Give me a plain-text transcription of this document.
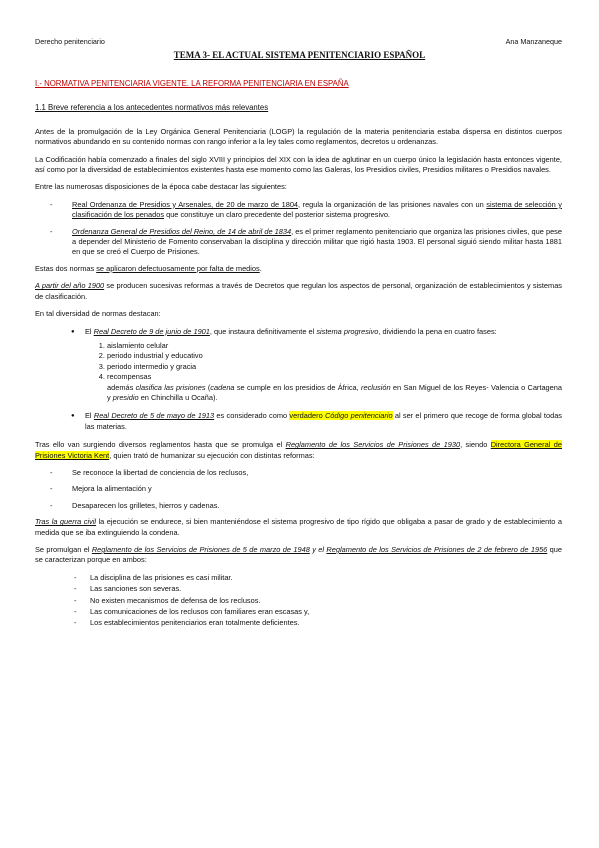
Derecho penitenciario	Ana Manzaneque
TEMA 3- EL ACTUAL SISTEMA PENITENCIARIO ESPAÑOL

I.- NORMATIVA PENITENCIARIA VIGENTE. LA REFORMA PENITENCIARIA EN ESPAÑA

1.1 Breve referencia a los antecedentes normativos más relevantes

Antes de la promulgación de la Ley Orgánica General Penitenciaria (LOGP) la regulación de la materia penitenciaria estaba dispersa en distintos cuerpos normativos abundando en su contenido normas con rango inferior a la ley tales como reglamentos, decretos u ordenanzas.

La Codificación había comenzado a finales del siglo XVIII y principios del XIX con la idea de aglutinar en un cuerpo único la legislación hasta entonces vigente, así como por la diversidad de establecimientos existentes hasta ese momento como las Galeras, los Presidios civiles, Presidios militares o Presidios navales.

Entre las numerosas disposiciones de la época cabe destacar las siguientes:

- Real Ordenanza de Presidios y Arsenales, de 20 de marzo de 1804, regula la organización de las prisiones navales con un sistema de selección y clasificación de los penados que constituye un claro precedente del posterior sistema progresivo.
- Ordenanza General de Presidios del Reino, de 14 de abril de 1834, es el primer reglamento penitenciario que organiza las prisiones civiles, que pese a depender del Ministerio de Fomento conservaban la disciplina y dirección militar que rigió hasta 1903. El personal siguió siendo militar hasta 1881 en que se creó el Cuerpo de Prisiones.

Estas dos normas se aplicaron defectuosamente por falta de medios.

A partir del año 1900 se producen sucesivas reformas a través de Decretos que regulan los aspectos de personal, organización de establecimientos y sistemas de clasificación.

En tal diversidad de normas destacan:

● El Real Decreto de 9 de junio de 1901, que instaura definitivamente el sistema progresivo, dividiendo la pena en cuatro fases:
1. aislamiento celular
2. periodo industrial y educativo
3. periodo intermedio y gracia
4. recompensas
además clasifica las prisiones (cadena se cumple en los presidios de África, reclusión en San Miguel de los Reyes- Valencia o Cartagena y presidio en Chinchilla u Ocaña).
● El Real Decreto de 5 de mayo de 1913 es considerado como verdadero Código penitenciario al ser el primero que recoge de forma global todas las materias.

Tras ello van surgiendo diversos reglamentos hasta que se promulga el Reglamento de los Servicios de Prisiones de 1930, siendo Directora General de Prisiones Victoria Kent, quien trató de humanizar su ejecución con distintas reformas:

- Se reconoce la libertad de conciencia de los reclusos,
- Mejora la alimentación y
- Desaparecen los grilletes, hierros y cadenas.

Tras la guerra civil la ejecución se endurece, si bien manteniéndose el sistema progresivo de tipo rígido que obligaba a pasar de grado y de establecimiento a medida que se iba extinguiendo la condena.

Se promulgan el Reglamento de los Servicios de Prisiones de 5 de marzo de 1948 y el Reglamento de los Servicios de Prisiones de 2 de febrero de 1956 que se caracterizan porque en ambos:

- La disciplina de las prisiones es casi militar.
- Las sanciones son severas.
- No existen mecanismos de defensa de los reclusos.
- Las comunicaciones de los reclusos con familiares eran escasas y,
- Los establecimientos penitenciarios eran totalmente deficientes.
